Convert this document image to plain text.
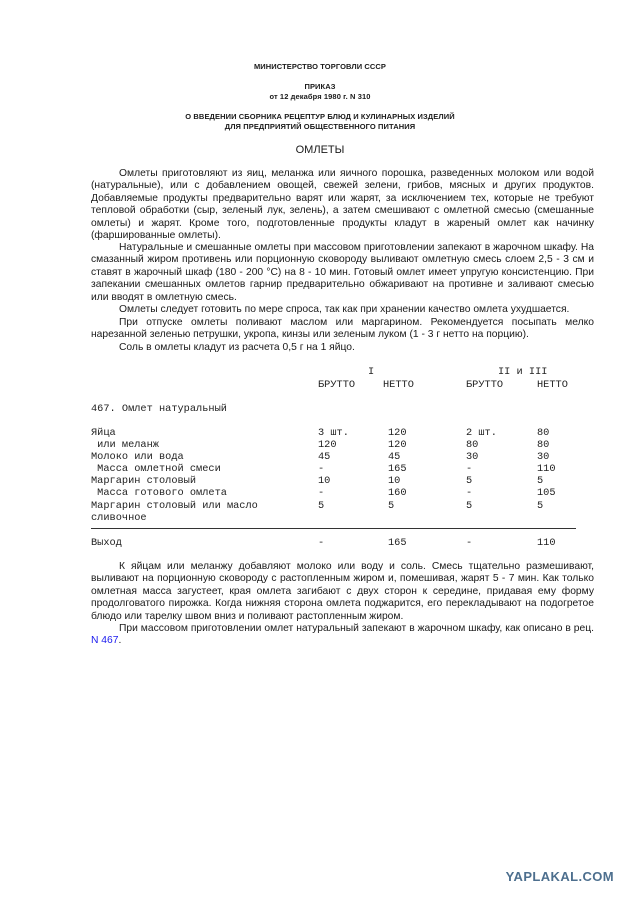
МИНИСТЕРСТВО ТОРГОВЛИ СССР
ПРИКАЗ
от 12 декабря 1980 г. N 310
О ВВЕДЕНИИ СБОРНИКА РЕЦЕПТУР БЛЮД И КУЛИНАРНЫХ ИЗДЕЛИЙ
ДЛЯ ПРЕДПРИЯТИЙ ОБЩЕСТВЕННОГО ПИТАНИЯ
ОМЛЕТЫ

Омлеты приготовляют из яиц, меланжа или яичного порошка, разведенных молоком или водой (натуральные), или с добавлением овощей, свежей зелени, грибов, мясных и других продуктов. Добавляемые продукты предварительно варят или жарят, за исключением тех, которые не требуют тепловой обработки (сыр, зеленый лук, зелень), а затем смешивают с омлетной смесью (смешанные омлеты) и жарят. Кроме того, подготовленные продукты кладут в жареный омлет как начинку (фаршированные омлеты).

Натуральные и смешанные омлеты при массовом приготовлении запекают в жарочном шкафу. На смазанный жиром противень или порционную сковороду выливают омлетную смесь слоем 2,5 - 3 см и ставят в жарочный шкаф (180 - 200 °С) на 8 - 10 мин. Готовый омлет имеет упругую консистенцию. При запекании смешанных омлетов гарнир предварительно обжаривают на противне и заливают смесью или вводят в омлетную смесь.

Омлеты следует готовить по мере спроса, так как при хранении качество омлета ухудшается.

При отпуске омлеты поливают маслом или маргарином. Рекомендуется посыпать мелко нарезанной зеленью петрушки, укропа, кинзы или зеленым луком (1 - 3 г нетто на порцию).

Соль в омлеты кладут из расчета 0,5 г на 1 яйцо.

I	II и III
БРУТТО	НЕТТО	БРУТТО	НЕТТО
467. Омлет натуральный
Яйца	3 шт.	120	2 шт.	80
или меланж	120	120	80	80
Молоко или вода	45	45	30	30
Масса омлетной смеси	-	165	-	110
Маргарин столовый	10	10	5	5
Масса готового омлета	-	160	-	105
Маргарин столовый или масло	5	5	5	5
сливочное
Выход	-	165	-	110

К яйцам или меланжу добавляют молоко или воду и соль. Смесь тщательно размешивают, выливают на порционную сковороду с растопленным жиром и, помешивая, жарят 5 - 7 мин. Как только омлетная масса загустеет, края омлета загибают с двух сторон к середине, придавая ему форму продолговатого пирожка. Когда нижняя сторона омлета поджарится, его перекладывают на подогретое блюдо или тарелку швом вниз и поливают растопленным жиром.

При массовом приготовлении омлет натуральный запекают в жарочном шкафу, как описано в рец. N 467.

YAPLAKAL.COM
